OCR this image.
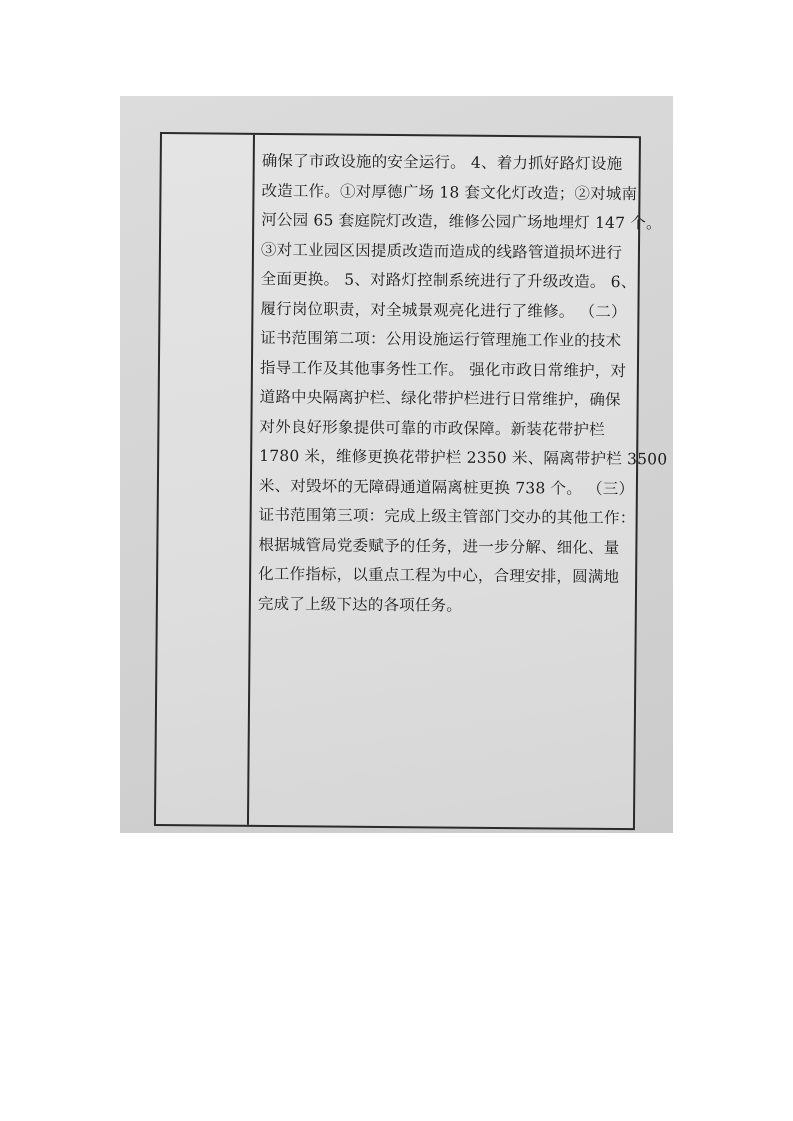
确保了市政设施的安全运行。 4、着力抓好路灯设施
改造工作。①对厚德广场 18 套文化灯改造；②对城南
河公园 65 套庭院灯改造，维修公园广场地埋灯 147 个。
③对工业园区因提质改造而造成的线路管道损坏进行
全面更换。 5、对路灯控制系统进行了升级改造。 6、
履行岗位职责，对全城景观亮化进行了维修。 （二）
证书范围第二项：公用设施运行管理施工作业的技术
指导工作及其他事务性工作。 强化市政日常维护，对
道路中央隔离护栏、绿化带护栏进行日常维护，确保
对外良好形象提供可靠的市政保障。新装花带护栏
1780 米，维修更换花带护栏 2350 米、隔离带护栏 3500
米、对毁坏的无障碍通道隔离桩更换 738 个。 （三）
证书范围第三项：完成上级主管部门交办的其他工作：
根据城管局党委赋予的任务，进一步分解、细化、量
化工作指标，以重点工程为中心，合理安排，圆满地
完成了上级下达的各项任务。
